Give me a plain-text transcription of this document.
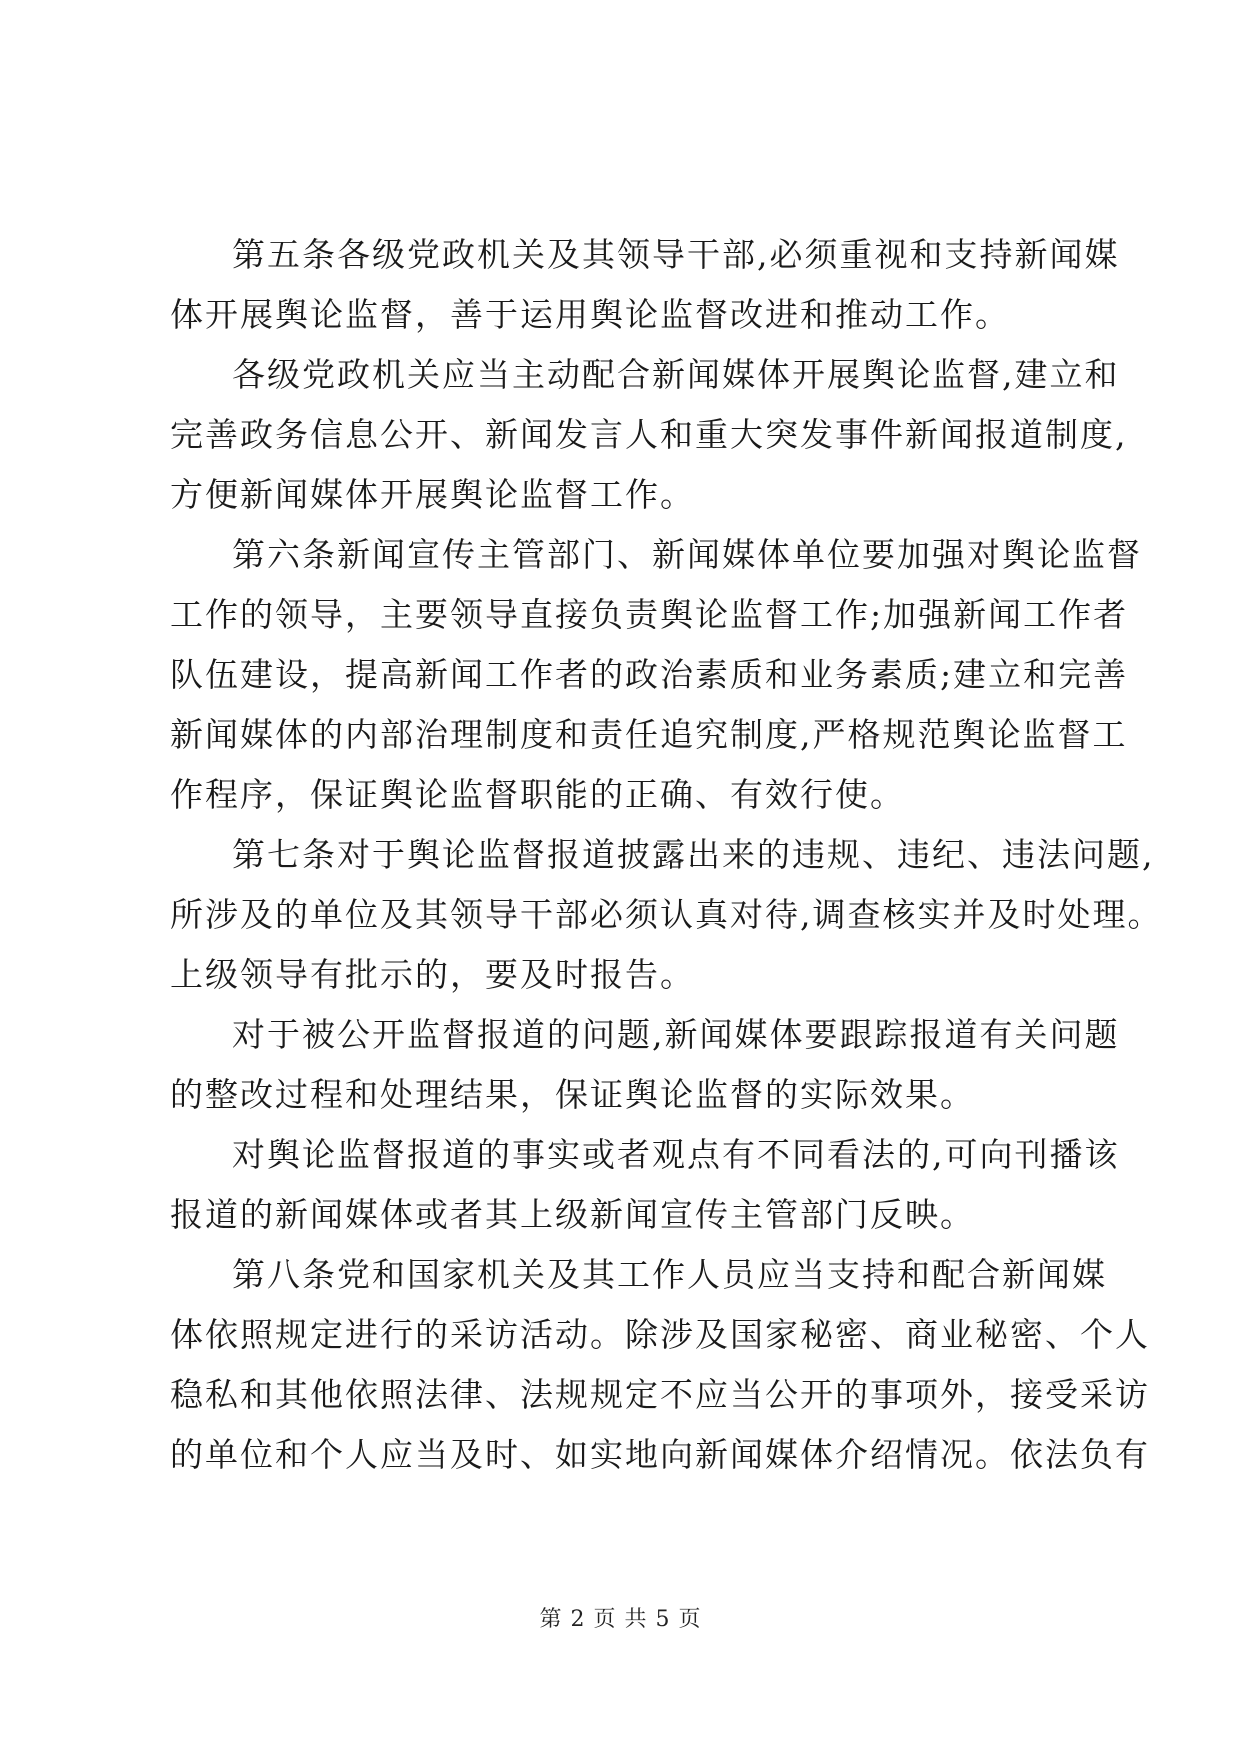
第五条各级党政机关及其领导干部,必须重视和支持新闻媒
体开展舆论监督，善于运用舆论监督改进和推动工作。

各级党政机关应当主动配合新闻媒体开展舆论监督,建立和
完善政务信息公开、新闻发言人和重大突发事件新闻报道制度,
方便新闻媒体开展舆论监督工作。

第六条新闻宣传主管部门、新闻媒体单位要加强对舆论监督
工作的领导，主要领导直接负责舆论监督工作;加强新闻工作者
队伍建设，提高新闻工作者的政治素质和业务素质;建立和完善
新闻媒体的内部治理制度和责任追究制度,严格规范舆论监督工
作程序，保证舆论监督职能的正确、有效行使。

第七条对于舆论监督报道披露出来的违规、违纪、违法问题,
所涉及的单位及其领导干部必须认真对待,调查核实并及时处理。
上级领导有批示的，要及时报告。

对于被公开监督报道的问题,新闻媒体要跟踪报道有关问题
的整改过程和处理结果，保证舆论监督的实际效果。

对舆论监督报道的事实或者观点有不同看法的,可向刊播该
报道的新闻媒体或者其上级新闻宣传主管部门反映。

第八条党和国家机关及其工作人员应当支持和配合新闻媒
体依照规定进行的采访活动。除涉及国家秘密、商业秘密、个人
稳私和其他依照法律、法规规定不应当公开的事项外，接受采访
的单位和个人应当及时、如实地向新闻媒体介绍情况。依法负有

第 2 页 共 5 页
